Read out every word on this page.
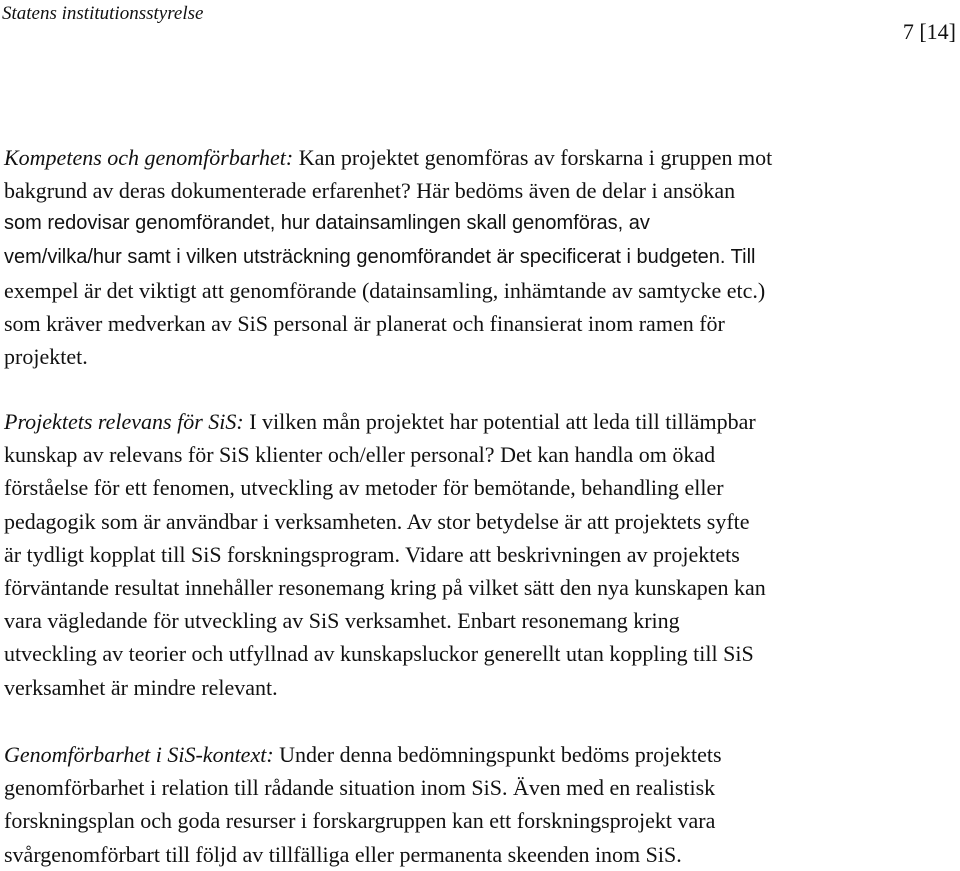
Statens institutionsstyrelse
7 [14]
Kompetens och genomförbarhet: Kan projektet genomföras av forskarna i gruppen mot
bakgrund av deras dokumenterade erfarenhet? Här bedöms även de delar i ansökan
som redovisar genomförandet, hur datainsamlingen skall genomföras, av
vem/vilka/hur samt i vilken utsträckning genomförandet är specificerat i budgeten. Till
exempel är det viktigt att genomförande (datainsamling, inhämtande av samtycke etc.)
som kräver medverkan av SiS personal är planerat och finansierat inom ramen för
projektet.
Projektets relevans för SiS: I vilken mån projektet har potential att leda till tillämpbar
kunskap av relevans för SiS klienter och/eller personal? Det kan handla om ökad
förståelse för ett fenomen, utveckling av metoder för bemötande, behandling eller
pedagogik som är användbar i verksamheten. Av stor betydelse är att projektets syfte
är tydligt kopplat till SiS forskningsprogram. Vidare att beskrivningen av projektets
förväntande resultat innehåller resonemang kring på vilket sätt den nya kunskapen kan
vara vägledande för utveckling av SiS verksamhet. Enbart resonemang kring
utveckling av teorier och utfyllnad av kunskapsluckor generellt utan koppling till SiS
verksamhet är mindre relevant.
Genomförbarhet i SiS-kontext: Under denna bedömningspunkt bedöms projektets
genomförbarhet i relation till rådande situation inom SiS. Även med en realistisk
forskningsplan och goda resurser i forskargruppen kan ett forskningsprojekt vara
svårgenomförbart till följd av tillfälliga eller permanenta skeenden inom SiS.
